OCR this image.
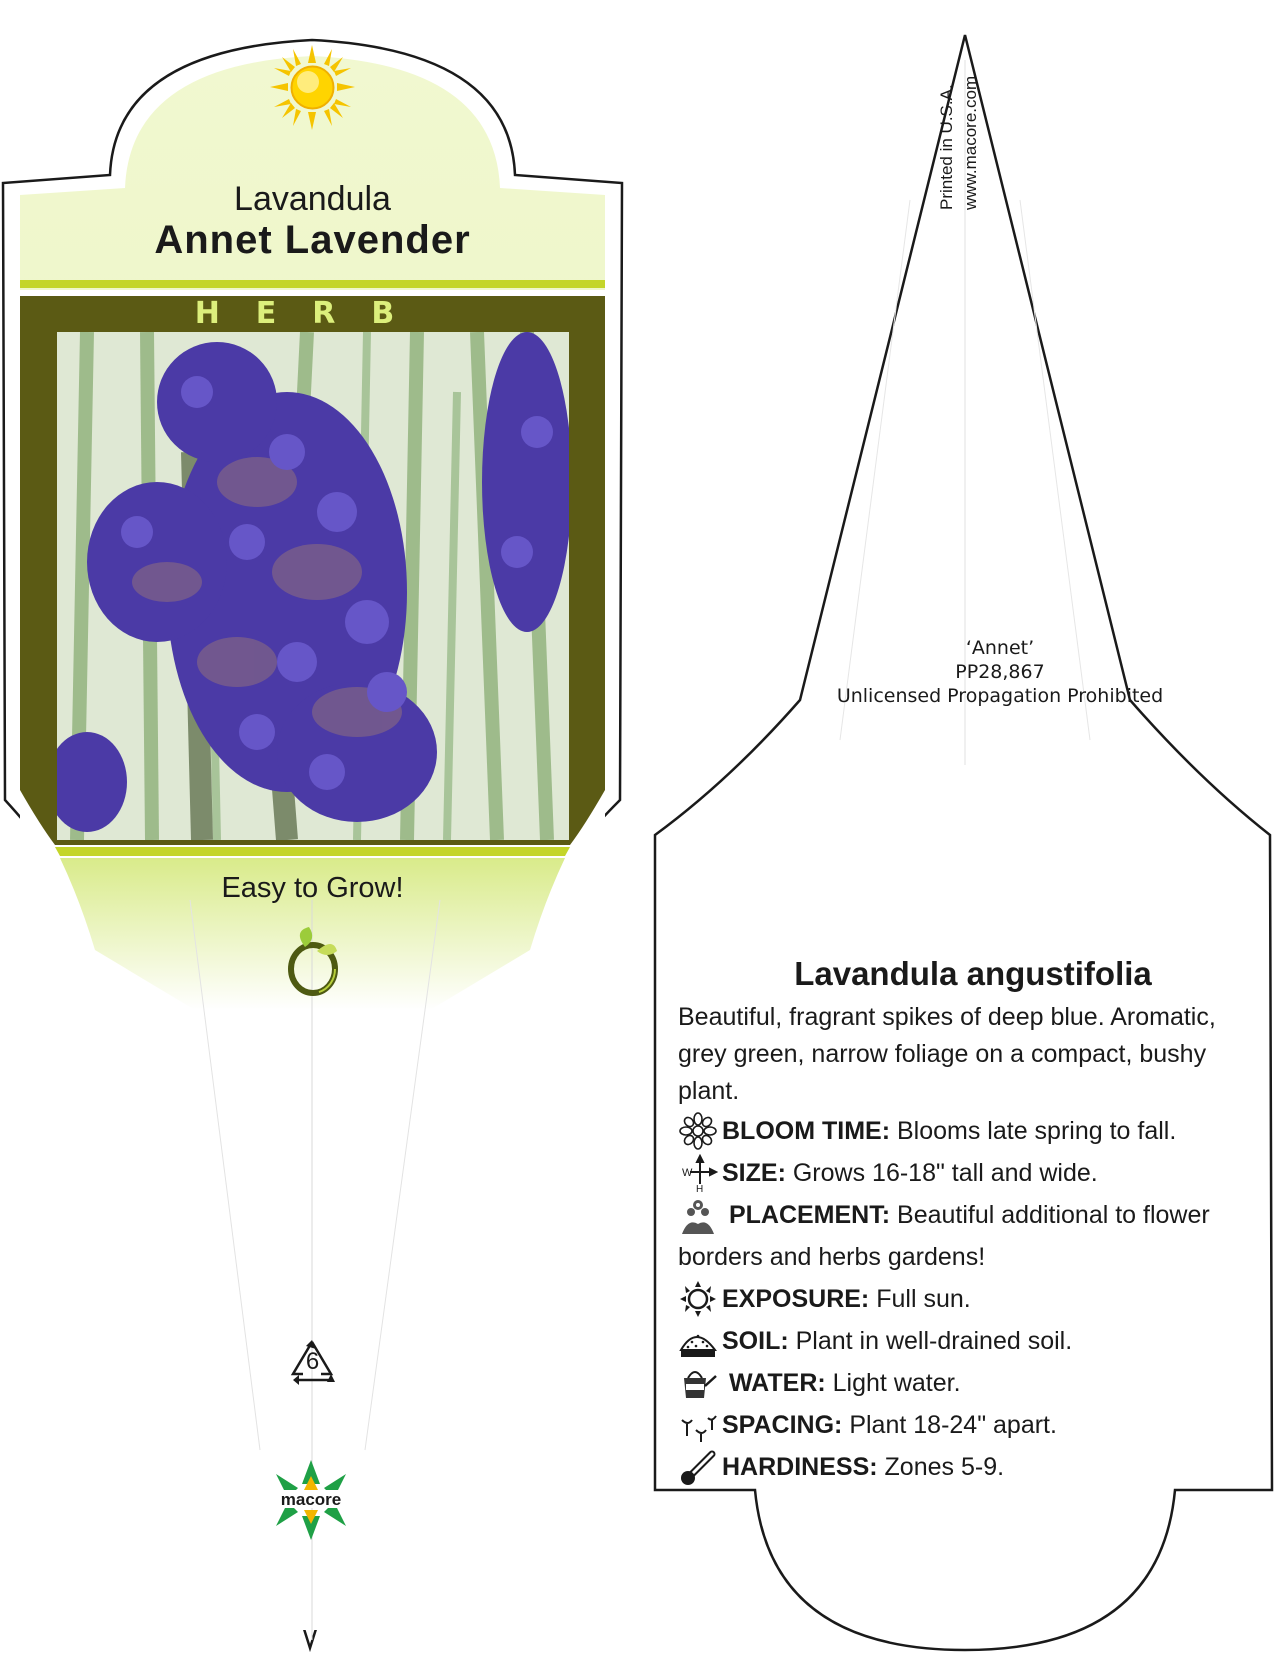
Lavandula
Annet Lavender
HERB
Easy to Grow!
6
macore
Printed in U.S.A. www.macore.com
‘Annet’
PP28,867
Unlicensed Propagation Prohibited
Lavandula angustifolia
Beautiful, fragrant spikes of deep blue. Aromatic, grey green, narrow foliage on a compact, bushy plant.
BLOOM TIME: Blooms late spring to fall.
W
H
SIZE: Grows 16-18" tall and wide.
PLACEMENT: Beautiful additional to flower borders and herbs gardens!
EXPOSURE: Full sun.
SOIL: Plant in well-drained soil.
WATER: Light water.
SPACING: Plant 18-24" apart.
HARDINESS: Zones 5-9.
